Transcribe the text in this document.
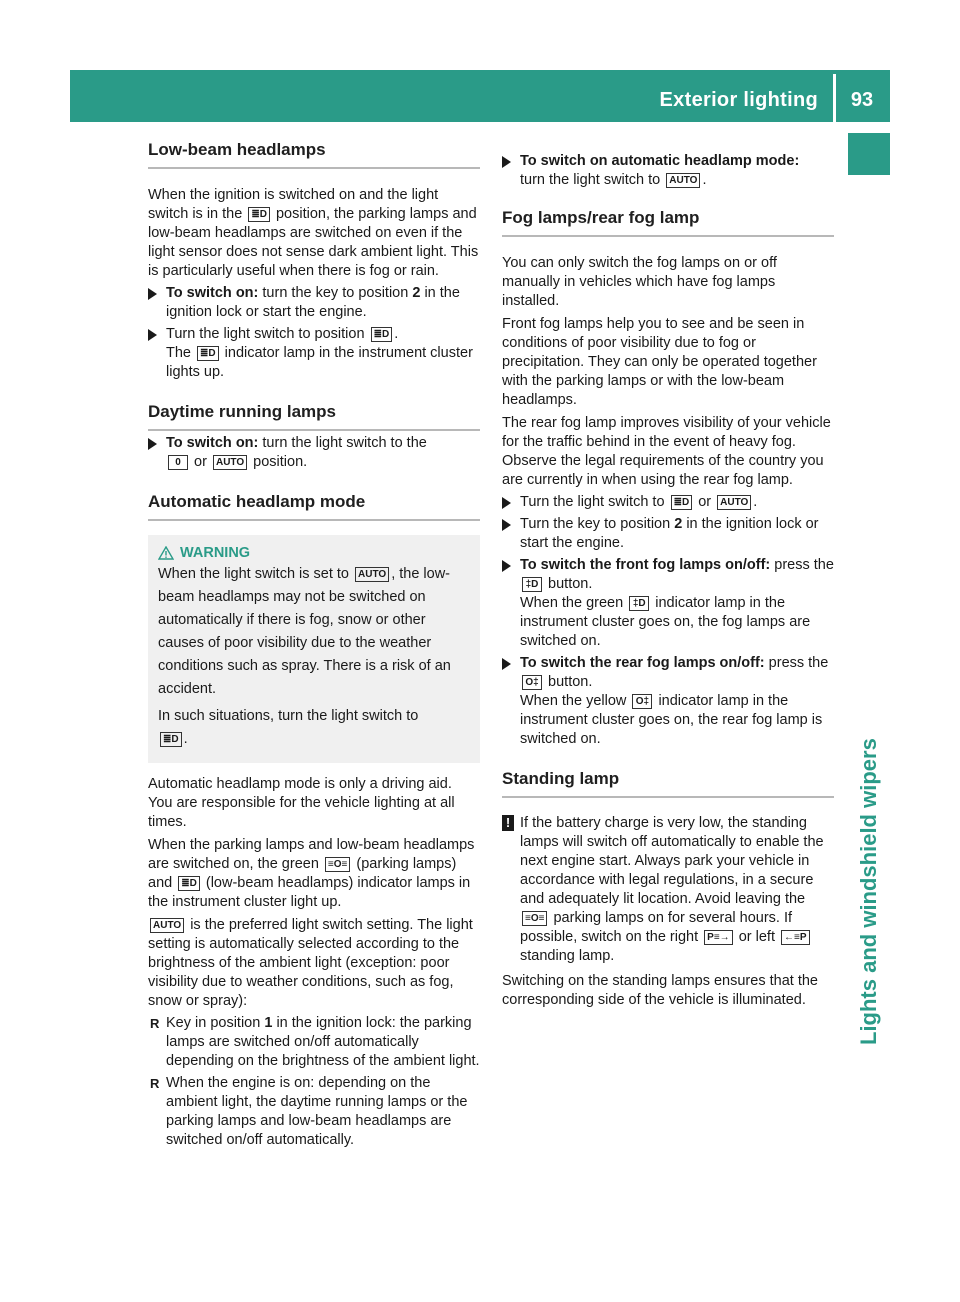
Exterior lighting	93
Lights and windshield wipers
Low-beam headlamps

When the ignition is switched on and the light switch is in the ≣D position, the parking lamps and low-beam headlamps are switched on even if the light sensor does not sense dark ambient light. This is particularly useful when there is fog or rain.

To switch on: turn the key to position 2 in the ignition lock or start the engine.
Turn the light switch to position ≣D .
The ≣D indicator lamp in the instrument cluster lights up.
Daytime running lamps
To switch on: turn the light switch to the
0 or AUTO position.
Automatic headlamp mode
WARNING

When the light switch is set to AUTO , the low-beam headlamps may not be switched on automatically if there is fog, snow or other causes of poor visibility due to the weather conditions such as spray. There is a risk of an accident.

In such situations, turn the light switch to
≣D .

Automatic headlamp mode is only a driving aid. You are responsible for the vehicle lighting at all times.

When the parking lamps and low-beam headlamps are switched on, the green ≡O≡ (parking lamps) and ≣D (low-beam headlamps) indicator lamps in the instrument cluster light up.

AUTO is the preferred light switch setting. The light setting is automatically selected according to the brightness of the ambient light (exception: poor visibility due to weather conditions, such as fog, snow or spray):

R Key in position 1 in the ignition lock: the parking lamps are switched on/off automatically depending on the brightness of the ambient light.
R When the engine is on: depending on the ambient light, the daytime running lamps or the parking lamps and low-beam headlamps are switched on/off automatically.
To switch on automatic headlamp mode:
turn the light switch to AUTO .
Fog lamps/rear fog lamp

You can only switch the fog lamps on or off manually in vehicles which have fog lamps installed.

Front fog lamps help you to see and be seen in conditions of poor visibility due to fog or precipitation. They can only be operated together with the parking lamps or with the low-beam headlamps.

The rear fog lamp improves visibility of your vehicle for the traffic behind in the event of heavy fog. Observe the legal requirements of the country you are currently in when using the rear fog lamp.

Turn the light switch to ≣D or AUTO .
Turn the key to position 2 in the ignition lock or start the engine.
To switch the front fog lamps on/off: press the ‡D button.
When the green ‡D indicator lamp in the instrument cluster goes on, the fog lamps are switched on.
To switch the rear fog lamps on/off: press the O‡ button.
When the yellow O‡ indicator lamp in the instrument cluster goes on, the rear fog lamp is switched on.
Standing lamp
! If the battery charge is very low, the standing lamps will switch off automatically to enable the next engine start. Always park your vehicle in accordance with legal regulations, in a secure and adequately lit location. Avoid leaving the ≡O≡ parking lamps on for several hours. If possible, switch on the right P≡→ or left ←≡P standing lamp.

Switching on the standing lamps ensures that the corresponding side of the vehicle is illuminated.
